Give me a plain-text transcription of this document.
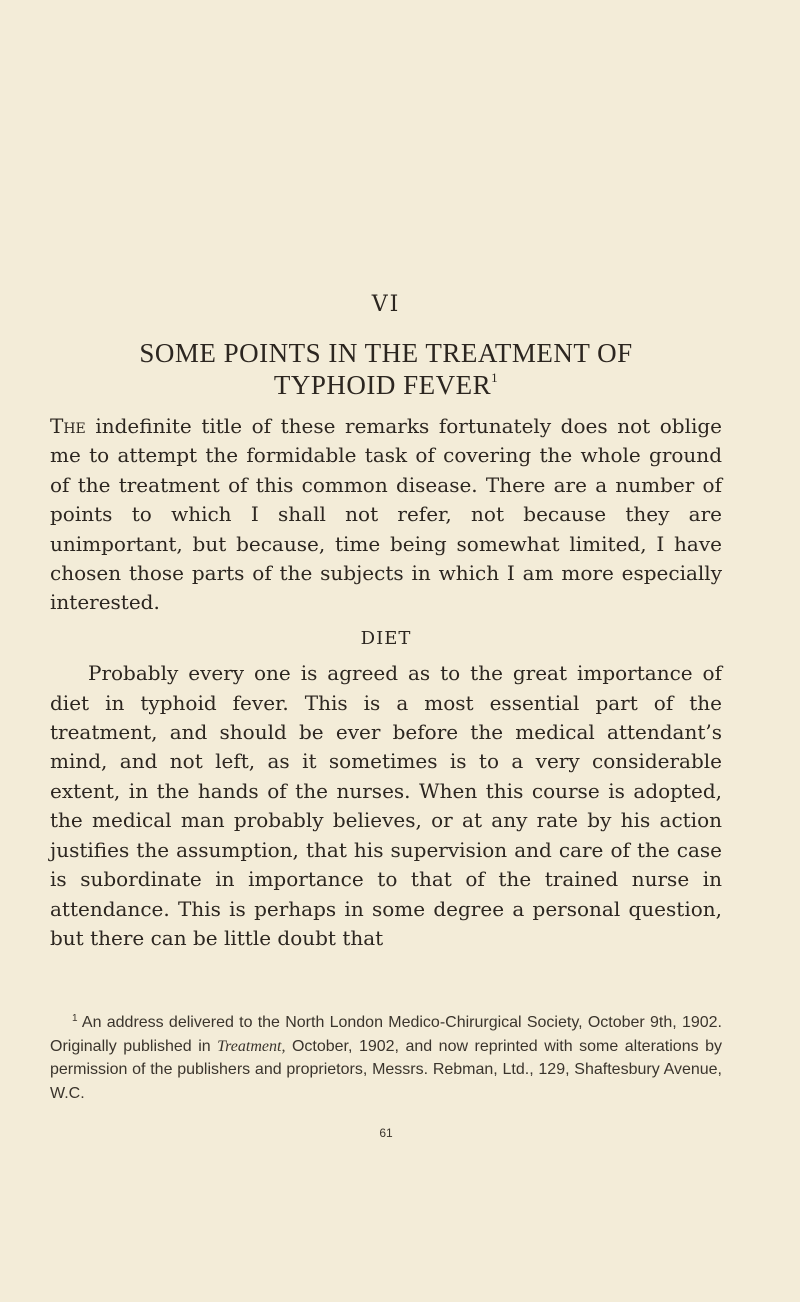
VI
SOME POINTS IN THE TREATMENT OF
TYPHOID FEVER$^1$

The indefinite title of these remarks fortunately does not oblige me to attempt the formidable task of covering the whole ground of the treatment of this common disease. There are a number of points to which I shall not refer, not because they are unimportant, but because, time being somewhat limited, I have chosen those parts of the subjects in which I am more especially interested.

DIET

Probably every one is agreed as to the great importance of diet in typhoid fever. This is a most essential part of the treatment, and should be ever before the medical attendant’s mind, and not left, as it sometimes is to a very considerable extent, in the hands of the nurses. When this course is adopted, the medical man probably believes, or at any rate by his action justifies the assumption, that his supervision and care of the case is subordinate in importance to that of the trained nurse in attendance. This is perhaps in some degree a personal question, but there can be little doubt that

$^1$ An address delivered to the North London Medico-Chirurgical Society, October 9th, 1902. Originally published in Treatment, October, 1902, and now reprinted with some alterations by permission of the publishers and proprietors, Messrs. Rebman, Ltd., 129, Shaftesbury Avenue, W.C.
61
